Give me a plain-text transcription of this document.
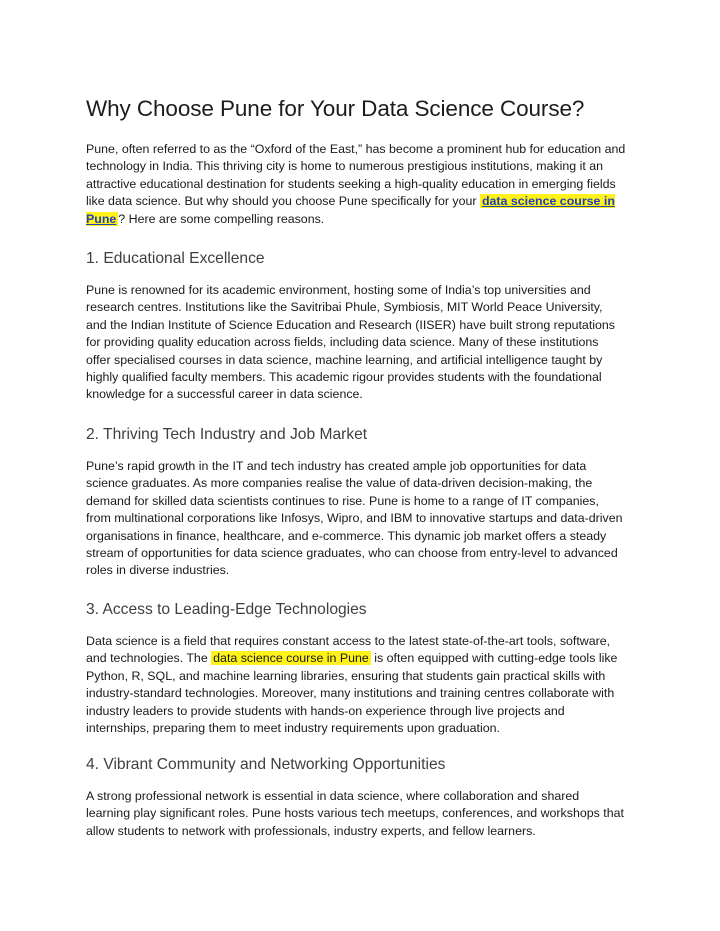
Why Choose Pune for Your Data Science Course?

Pune, often referred to as the “Oxford of the East,” has become a prominent hub for education and technology in India. This thriving city is home to numerous prestigious institutions, making it an attractive educational destination for students seeking a high-quality education in emerging fields like data science. But why should you choose Pune specifically for your data science course in Pune ? Here are some compelling reasons.

1. Educational Excellence

Pune is renowned for its academic environment, hosting some of India’s top universities and research centres. Institutions like the Savitribai Phule, Symbiosis, MIT World Peace University, and the Indian Institute of Science Education and Research (IISER) have built strong reputations for providing quality education across fields, including data science. Many of these institutions offer specialised courses in data science, machine learning, and artificial intelligence taught by highly qualified faculty members. This academic rigour provides students with the foundational knowledge for a successful career in data science.

2. Thriving Tech Industry and Job Market

Pune’s rapid growth in the IT and tech industry has created ample job opportunities for data science graduates. As more companies realise the value of data-driven decision-making, the demand for skilled data scientists continues to rise. Pune is home to a range of IT companies, from multinational corporations like Infosys, Wipro, and IBM to innovative startups and data-driven organisations in finance, healthcare, and e-commerce. This dynamic job market offers a steady stream of opportunities for data science graduates, who can choose from entry-level to advanced roles in diverse industries.

3. Access to Leading-Edge Technologies

Data science is a field that requires constant access to the latest state-of-the-art tools, software, and technologies. The data science course in Pune is often equipped with cutting-edge tools like Python, R, SQL, and machine learning libraries, ensuring that students gain practical skills with industry-standard technologies. Moreover, many institutions and training centres collaborate with industry leaders to provide students with hands-on experience through live projects and internships, preparing them to meet industry requirements upon graduation.

4. Vibrant Community and Networking Opportunities

A strong professional network is essential in data science, where collaboration and shared learning play significant roles. Pune hosts various tech meetups, conferences, and workshops that allow students to network with professionals, industry experts, and fellow learners.
